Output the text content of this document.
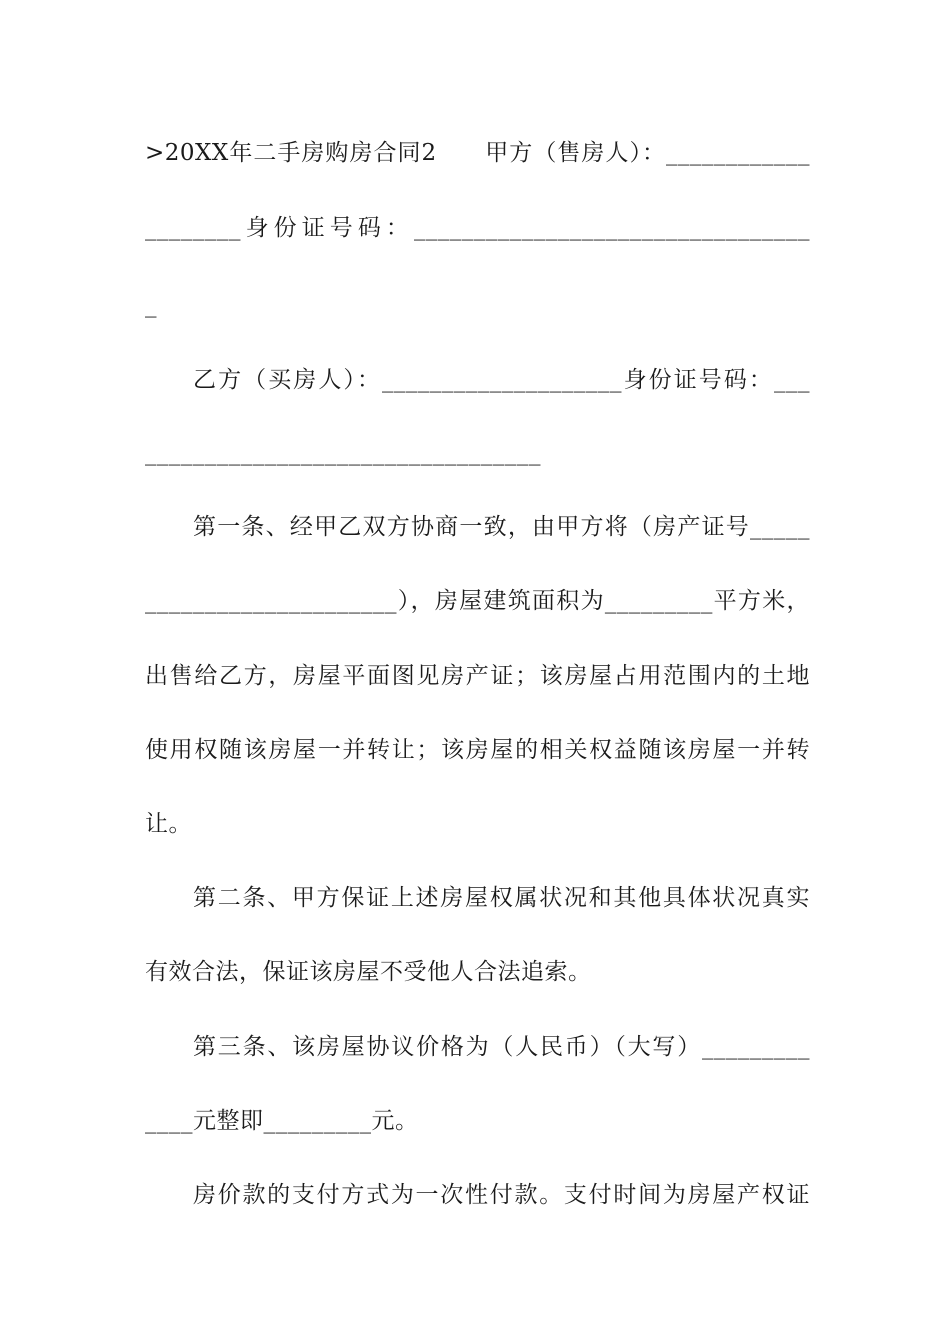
>20XX年二手房购房合同2　　甲方（售房人）：____________
________身份证号码：_________________________________
_
乙方（买房人）：____________________身份证号码：___
_________________________________
第一条、经甲乙双方协商一致，由甲方将（房产证号_____
_____________________），房屋建筑面积为_________平方米，
出售给乙方，房屋平面图见房产证；该房屋占用范围内的土地
使用权随该房屋一并转让；该房屋的相关权益随该房屋一并转
让。
第二条、甲方保证上述房屋权属状况和其他具体状况真实
有效合法，保证该房屋不受他人合法追索。
第三条、该房屋协议价格为（人民币）（大写）_________
____元整即_________元。
房价款的支付方式为一次性付款。支付时间为房屋产权证
